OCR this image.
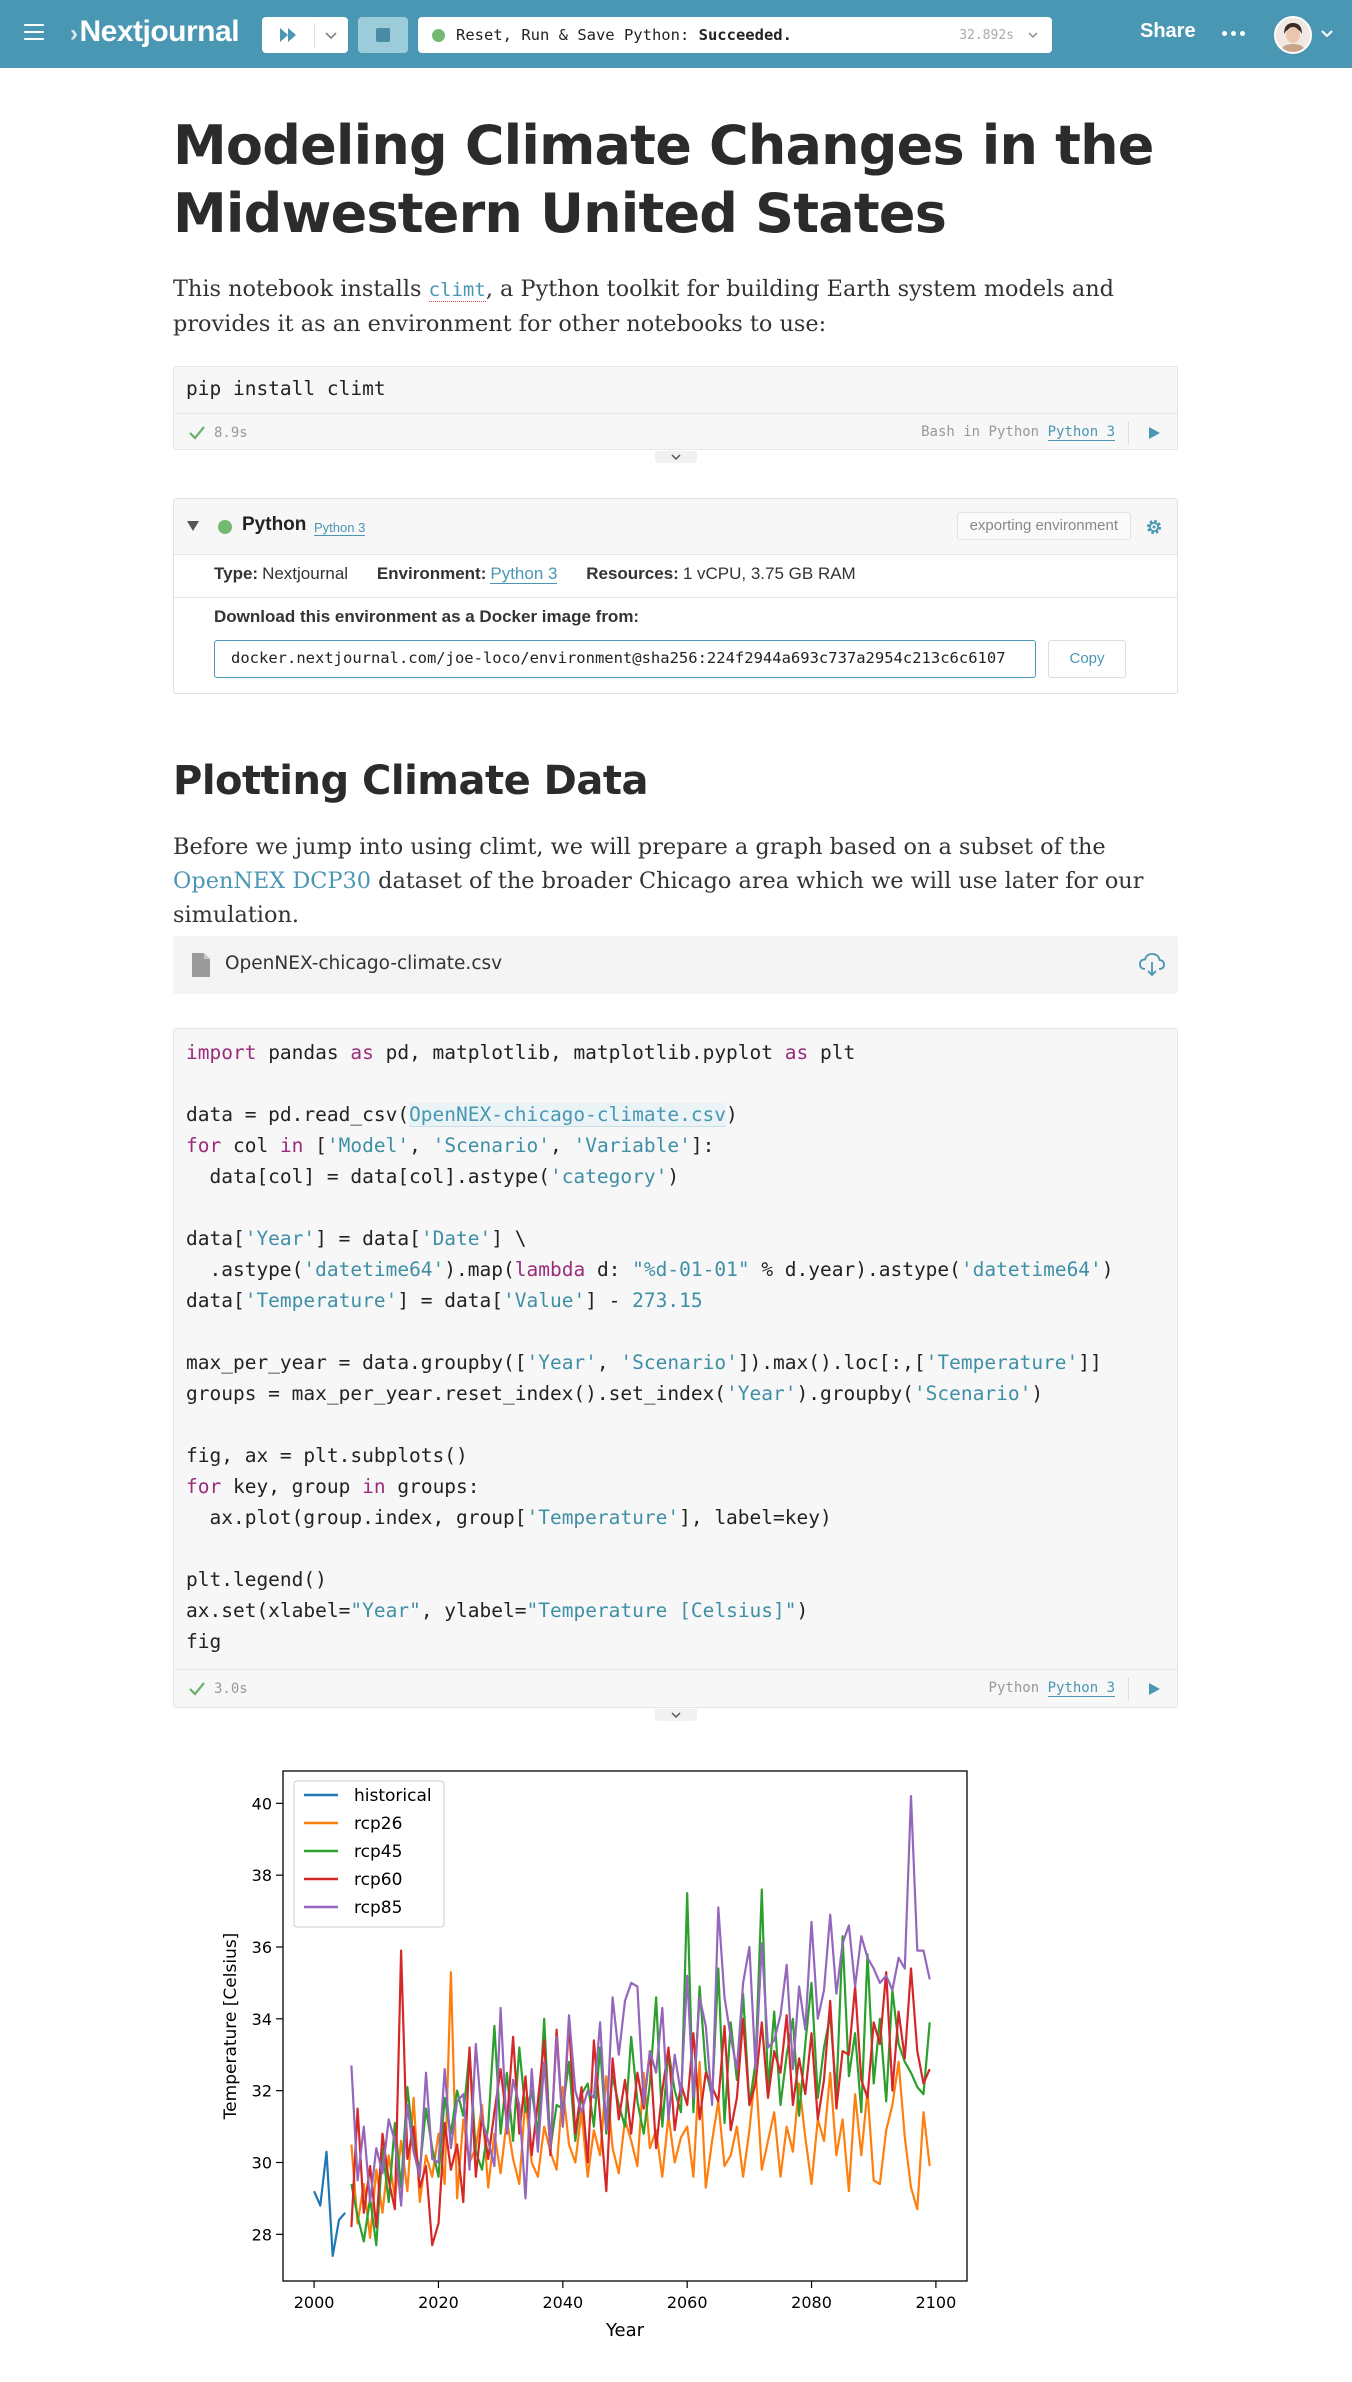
›Nextjournal	Reset, Run & Save Python: Succeeded.	32.892s	Share
Modeling Climate Changes in the Midwestern United States
This notebook installs climt, a Python toolkit for building Earth system models and provides it as an environment for other notebooks to use:
pip install climt
8.9s	Bash in Python Python 3
Python Python 3	exporting environment
Type: Nextjournal Environment: Python 3 Resources: 1 vCPU, 3.75 GB RAM
Download this environment as a Docker image from:
docker.nextjournal.com/joe-loco/environment@sha256:224f2944a693c737a2954c213c6c6107	Copy
Plotting Climate Data
Before we jump into using climt, we will prepare a graph based on a subset of the OpenNEX DCP30 dataset of the broader Chicago area which we will use later for our simulation.
OpenNEX-chicago-climate.csv
import pandas as pd, matplotlib, matplotlib.pyplot as plt

data = pd.read_csv(OpenNEX-chicago-climate.csv)
for col in ['Model', 'Scenario', 'Variable']:
data[col] = data[col].astype('category')

data['Year'] = data['Date'] \
.astype('datetime64').map(lambda d: "%d-01-01" % d.year).astype('datetime64')
data['Temperature'] = data['Value'] - 273.15

max_per_year = data.groupby(['Year', 'Scenario']).max().loc[:,['Temperature']]
groups = max_per_year.reset_index().set_index('Year').groupby('Scenario')

fig, ax = plt.subplots()
for key, group in groups:
ax.plot(group.index, group['Temperature'], label=key)

plt.legend()
ax.set(xlabel="Year", ylabel="Temperature [Celsius]")
fig
3.0s	Python Python 3
2000	2020	2040	2060	2080	2100
28
30
32
34
36
38
40
Year
Temperature [Celsius]
historical
rcp26
rcp45
rcp60
rcp85
